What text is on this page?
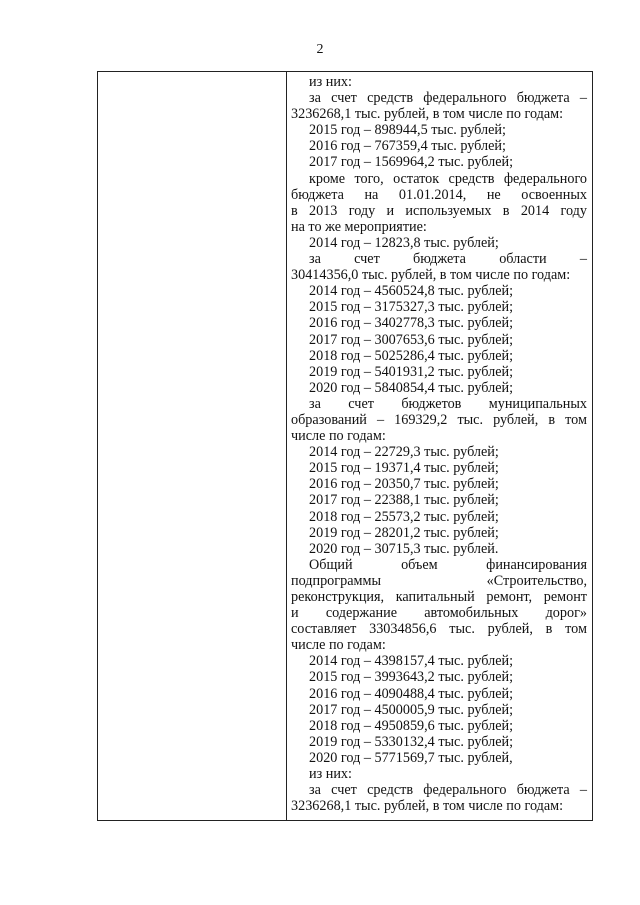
2

из них:

за счет средств федерального бюджета –

3236268,1 тыс. рублей, в том числе по годам:

2015 год – 898944,5 тыс. рублей;

2016 год – 767359,4 тыс. рублей;

2017 год – 1569964,2 тыс. рублей;

кроме того, остаток средств федерального

бюджета на 01.01.2014, не освоенных

в 2013 году и используемых в 2014 году

на то же мероприятие:

2014 год – 12823,8 тыс. рублей;

за счет бюджета области –

30414356,0 тыс. рублей, в том числе по годам:

2014 год – 4560524,8 тыс. рублей;

2015 год – 3175327,3 тыс. рублей;

2016 год – 3402778,3 тыс. рублей;

2017 год – 3007653,6 тыс. рублей;

2018 год – 5025286,4 тыс. рублей;

2019 год – 5401931,2 тыс. рублей;

2020 год – 5840854,4 тыс. рублей;

за счет бюджетов муниципальных

образований – 169329,2 тыс. рублей, в том

числе по годам:

2014 год – 22729,3 тыс. рублей;

2015 год – 19371,4 тыс. рублей;

2016 год – 20350,7 тыс. рублей;

2017 год – 22388,1 тыс. рублей;

2018 год – 25573,2 тыс. рублей;

2019 год – 28201,2 тыс. рублей;

2020 год – 30715,3 тыс. рублей.

Общий объем финансирования

подпрограммы «Строительство,

реконструкция, капитальный ремонт, ремонт

и содержание автомобильных дорог»

составляет 33034856,6 тыс. рублей, в том

числе по годам:

2014 год – 4398157,4 тыс. рублей;

2015 год – 3993643,2 тыс. рублей;

2016 год – 4090488,4 тыс. рублей;

2017 год – 4500005,9 тыс. рублей;

2018 год – 4950859,6 тыс. рублей;

2019 год – 5330132,4 тыс. рублей;

2020 год – 5771569,7 тыс. рублей,

из них:

за счет средств федерального бюджета –

3236268,1 тыс. рублей, в том числе по годам:
